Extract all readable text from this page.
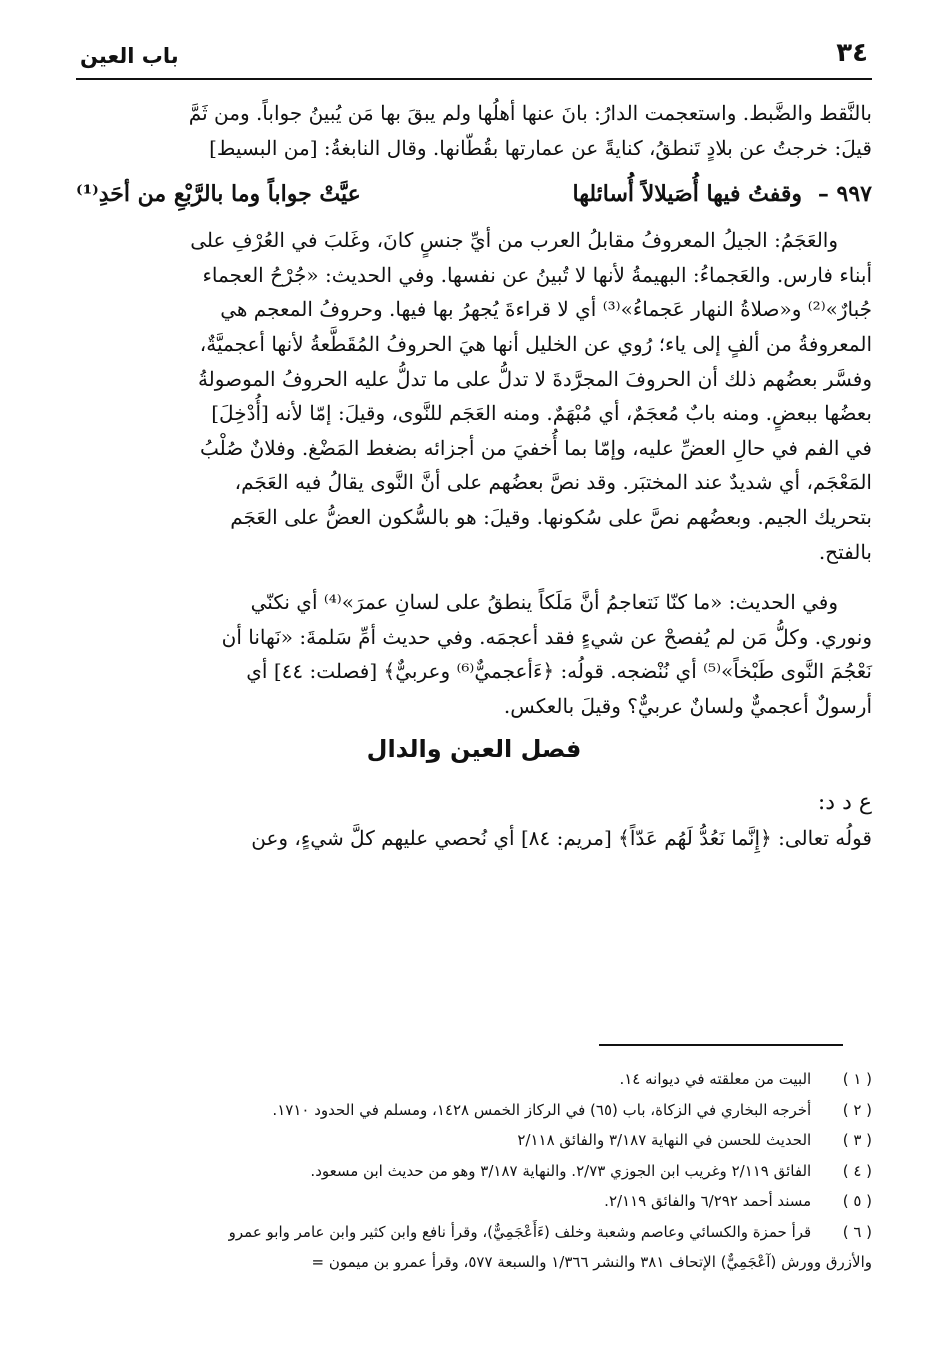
٣٤
باب العين

بالنَّقط والضَّبط. واستعجمت الدارُ: بانَ عنها أهلُها ولم يبقَ بها مَن يُبينُ جواباً. ومن ثَمَّ

قيلَ: خرجتُ عن بلادٍ تَنطقُ، كنايةً عن عمارتها بقُطّانها. وقال النابغةُ: [من البسيط]

٩٩٧ –
وقفتُ فيها أُصَيلالاً أُسائلها
عيَّتْ جواباً وما بالرَّبْعِ من أحَدِ⁽¹⁾

والعَجَمُ: الجيلُ المعروفُ مقابلُ العرب من أيِّ جنسٍ كانَ، وغَلبَ في العُرْفِ على

أبناء فارس. والعَجماءُ: البهيمةُ لأنها لا تُبينُ عن نفسها. وفي الحديث: «جُرْحُ العجماء

جُبارٌ»⁽²⁾ و«صلاةُ النهار عَجماءُ»⁽³⁾ أي لا قراءةَ يُجهرُ بها فيها. وحروفُ المعجم هي

المعروفةُ من ألفٍ إلى ياء؛ رُوي عن الخليل أنها هيَ الحروفُ المُقَطَّعةُ لأنها أعجميَّةٌ،

وفسَّر بعضُهم ذلك أن الحروفَ المجرَّدةَ لا تدلُّ على ما تدلُّ عليه الحروفُ الموصولةُ

بعضُها ببعضٍ. ومنه بابٌ مُعجَمٌ، أي مُبْهَمٌ. ومنه العَجَم للنَّوى، وقيلَ: إمّا لأنه [أُدْخِلَ]

في الفم في حالِ العضِّ عليه، وإمّا بما أُخفيَ من أجزائه بضغط المَضْغ. وفلانٌ صُلْبُ

المَعْجَم، أي شديدٌ عند المختبَر. وقد نصَّ بعضُهم على أنَّ النَّوى يقالُ فيه العَجَم،

بتحريك الجيم. وبعضُهم نصَّ على سُكونها. وقيلَ: هو بالسُّكون العضُّ على العَجَم

بالفتح.

وفي الحديث: «ما كنّا نَتعاجمُ أنَّ مَلَكاً ينطقُ على لسانِ عمرَ»⁽⁴⁾ أي نكنّي

ونوري. وكلُّ مَن لم يُفصحْ عن شيءٍ فقد أعجمَه. وفي حديث أمِّ سَلمةَ: «نَهانا أن

نَعْجُمَ النَّوى طَبْخاً»⁽⁵⁾ أي نُنْضجه. قولُه: ﴿ءَأعجميٌّ⁽⁶⁾ وعربيٌّ﴾ [فصلت: ٤٤] أي

أرسولٌ أعجميٌّ ولسانٌ عربيٌّ؟ وقيلَ بالعكس.

فصل العين والدال

ع د د:

قولُه تعالى: ﴿إِنَّما نَعُدُّ لَهُم عَدّاً﴾ [مريم: ٨٤] أي نُحصي عليهم كلَّ شيءٍ، وعن

( ١ ) البيت من معلقته في ديوانه ١٤.
( ٢ ) أخرجه البخاري في الزكاة، باب (٦٥) في الركاز الخمس ١٤٢٨، ومسلم في الحدود ١٧١٠.
( ٣ ) الحديث للحسن في النهاية ٣/١٨٧ والفائق ٢/١١٨
( ٤ ) الفائق ٢/١١٩ وغريب ابن الجوزي ٢/٧٣. والنهاية ٣/١٨٧ وهو من حديث ابن مسعود.
( ٥ ) مسند أحمد ٦/٢٩٢ والفائق ٢/١١٩.
( ٦ ) قرأ حمزة والكسائي وعاصم وشعبة وخلف (ءَأَعْجَمِيٌّ)، وقرأ نافع وابن كثير وابن عامر وابو عمرو
والأزرق وورش (آعْجَمِيٌّ) الإتحاف ٣٨١ والنشر ١/٣٦٦ والسبعة ٥٧٧، وقرأ عمرو بن ميمون =
